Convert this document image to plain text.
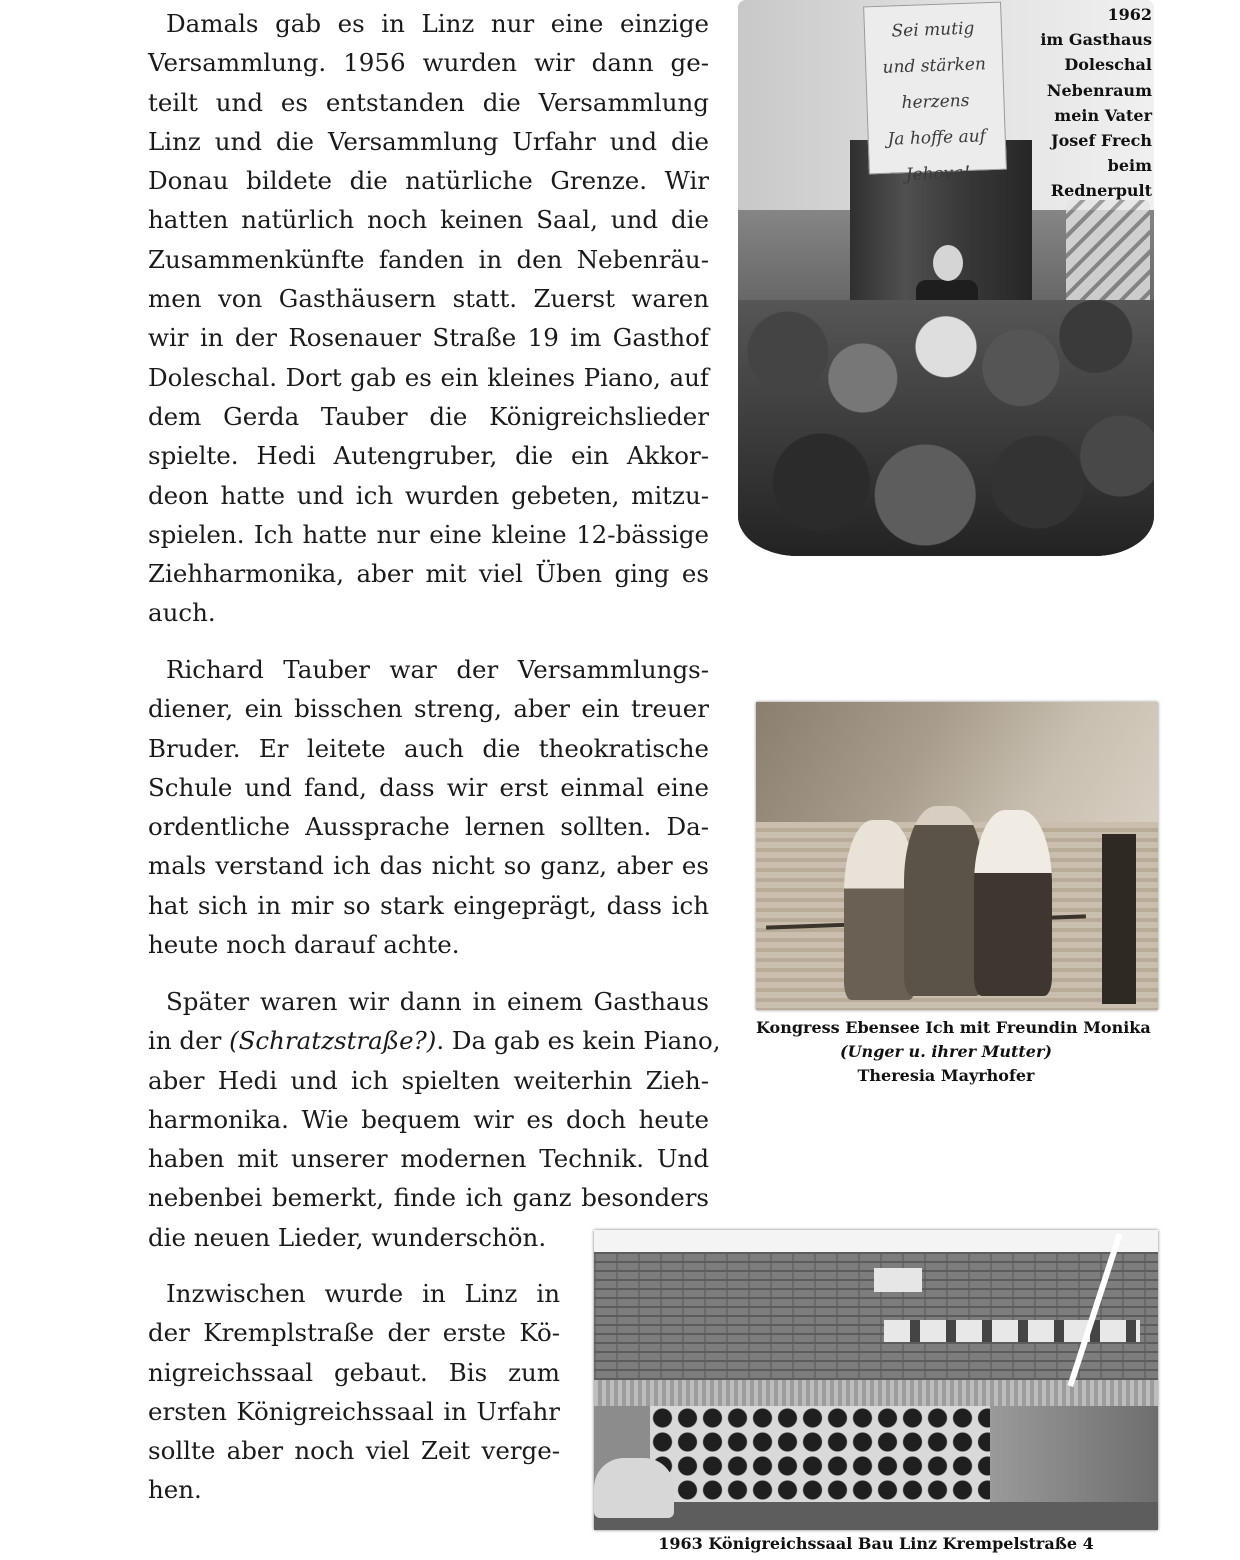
Damals gab es in Linz nur eine einzige
Versammlung. 1956 wurden wir dann ge-
teilt und es entstanden die Versammlung
Linz und die Versammlung Urfahr und die
Donau bildete die natürliche Grenze. Wir
hatten natürlich noch keinen Saal, und die
Zusammenkünfte fanden in den Nebenräu-
men von Gasthäusern statt. Zuerst waren
wir in der Rosenauer Straße 19 im Gasthof
Doleschal. Dort gab es ein kleines Piano, auf
dem Gerda Tauber die Königreichslieder
spielte. Hedi Autengruber, die ein Akkor-
deon hatte und ich wurden gebeten, mitzu-
spielen. Ich hatte nur eine kleine 12-bässige
Ziehharmonika, aber mit viel Üben ging es
auch.
Richard Tauber war der Versammlungs-
diener, ein bisschen streng, aber ein treuer
Bruder. Er leitete auch die theokratische
Schule und fand, dass wir erst einmal eine
ordentliche Aussprache lernen sollten. Da-
mals verstand ich das nicht so ganz, aber es
hat sich in mir so stark eingeprägt, dass ich
heute noch darauf achte.
Später waren wir dann in einem Gasthaus
in der (Schratzstraße?). Da gab es kein Piano,
aber Hedi und ich spielten weiterhin Zieh-
harmonika. Wie bequem wir es doch heute
haben mit unserer modernen Technik. Und
nebenbei bemerkt, finde ich ganz besonders
die neuen Lieder, wunderschön.
Inzwischen wurde in Linz in
der Kremplstraße der erste Kö-
nigreichssaal gebaut. Bis zum
ersten Königreichssaal in Urfahr
sollte aber noch viel Zeit verge-
hen.
Sei mutig
und stärken
herzens
Ja hoffe auf
Jehova!
1962
im Gasthaus
Doleschal
Nebenraum
mein Vater
Josef Frech
beim
Rednerpult
Kongress Ebensee Ich mit Freundin Monika
(Unger u. ihrer Mutter)
Theresia Mayrhofer
1963 Königreichssaal Bau Linz Krempelstraße 4
